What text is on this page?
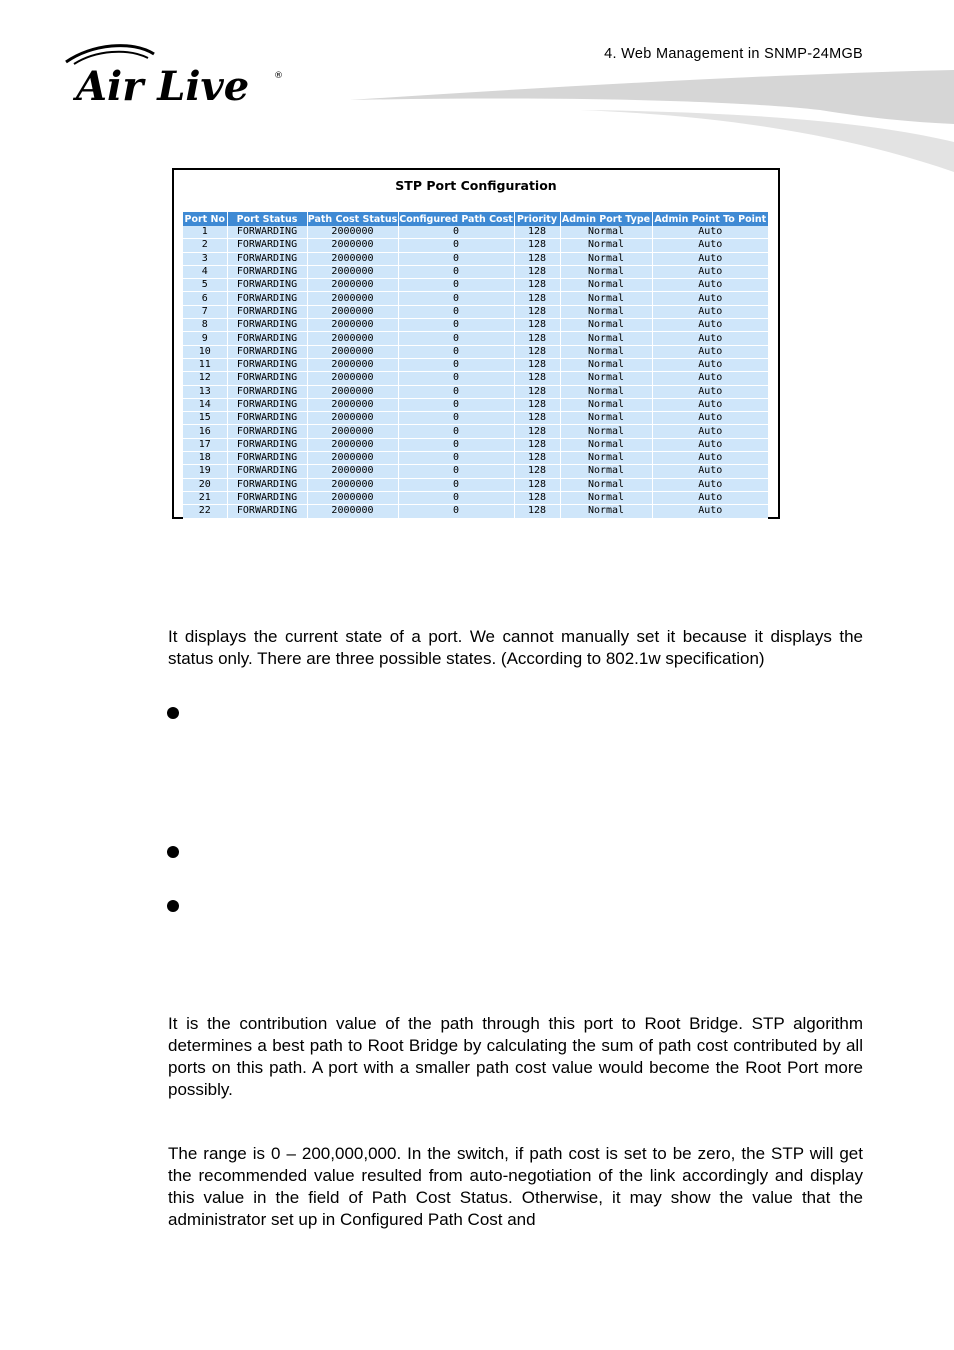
4. Web Management in SNMP-24MGB
Air Live	®
STP Port Configuration
Port No	Port Status	Path Cost Status	Configured Path Cost	Priority	Admin Port Type	Admin Point To Point
1	FORWARDING	2000000	0	128	Normal	Auto
2	FORWARDING	2000000	0	128	Normal	Auto
3	FORWARDING	2000000	0	128	Normal	Auto
4	FORWARDING	2000000	0	128	Normal	Auto
5	FORWARDING	2000000	0	128	Normal	Auto
6	FORWARDING	2000000	0	128	Normal	Auto
7	FORWARDING	2000000	0	128	Normal	Auto
8	FORWARDING	2000000	0	128	Normal	Auto
9	FORWARDING	2000000	0	128	Normal	Auto
10	FORWARDING	2000000	0	128	Normal	Auto
11	FORWARDING	2000000	0	128	Normal	Auto
12	FORWARDING	2000000	0	128	Normal	Auto
13	FORWARDING	2000000	0	128	Normal	Auto
14	FORWARDING	2000000	0	128	Normal	Auto
15	FORWARDING	2000000	0	128	Normal	Auto
16	FORWARDING	2000000	0	128	Normal	Auto
17	FORWARDING	2000000	0	128	Normal	Auto
18	FORWARDING	2000000	0	128	Normal	Auto
19	FORWARDING	2000000	0	128	Normal	Auto
20	FORWARDING	2000000	0	128	Normal	Auto
21	FORWARDING	2000000	0	128	Normal	Auto
22	FORWARDING	2000000	0	128	Normal	Auto
It displays the current state of a port. We cannot manually set it because it displays the status only. There are three possible states. (According to 802.1w specification)
It is the contribution value of the path through this port to Root Bridge. STP algorithm determines a best path to Root Bridge by calculating the sum of path cost contributed by all ports on this path. A port with a smaller path cost value would become the Root Port more possibly.
The range is 0 – 200,000,000. In the switch, if path cost is set to be zero, the STP will get the recommended value resulted from auto-negotiation of the link accordingly and display this value in the field of Path Cost Status. Otherwise, it may show the value that the administrator set up in Configured Path Cost and
